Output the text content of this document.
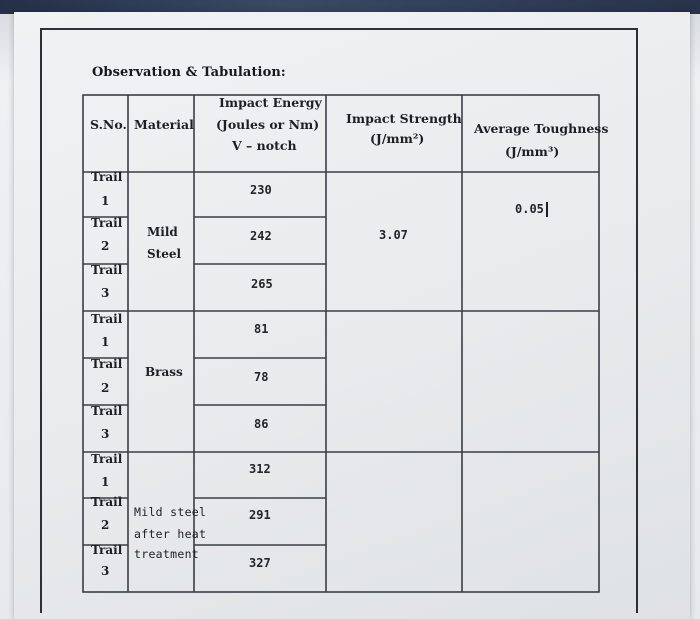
Observation & Tabulation:
S.No. Material
Impact Energy
(Joules or Nm)
V – notch
Impact Strength
(J/mm²)
Average Toughness
(J/mm³)
Trail
1
Trail
2
Trail
3
Mild
Steel
230
242
265
3.07
0.05
Trail
1
Trail
2
Trail
3
Brass
81
78
86
Trail
1
Trail
2
Trail
3
Mild steel
after heat
treatment
312
291
327
